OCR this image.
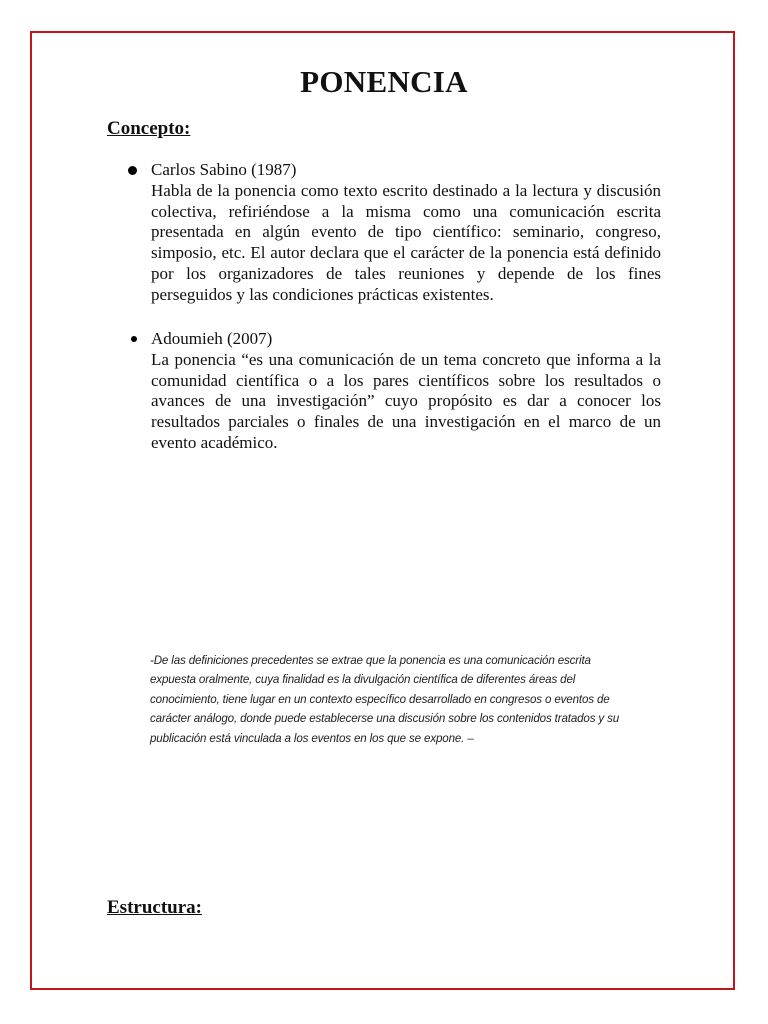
PONENCIA
Concepto:
Carlos Sabino (1987)
Habla de la ponencia como texto escrito destinado a la lectura y discusión colectiva, refiriéndose a la misma como una comunicación escrita presentada en algún evento de tipo científico: seminario, congreso, simposio, etc. El autor declara que el carácter de la ponencia está definido por los organizadores de tales reuniones y depende de los fines perseguidos y las condiciones prácticas existentes.
Adoumieh (2007)
La ponencia “es una comunicación de un tema concreto que informa a la comunidad científica o a los pares científicos sobre los resultados o avances de una investigación” cuyo propósito es dar a conocer los resultados parciales o finales de una investigación en el marco de un evento académico.

-De las definiciones precedentes se extrae que la ponencia es una comunicación escrita expuesta oralmente, cuya finalidad es la divulgación científica de diferentes áreas del conocimiento, tiene lugar en un contexto específico desarrollado en congresos o eventos de carácter análogo, donde puede establecerse una discusión sobre los contenidos tratados y su publicación está vinculada a los eventos en los que se expone. –

Estructura:
